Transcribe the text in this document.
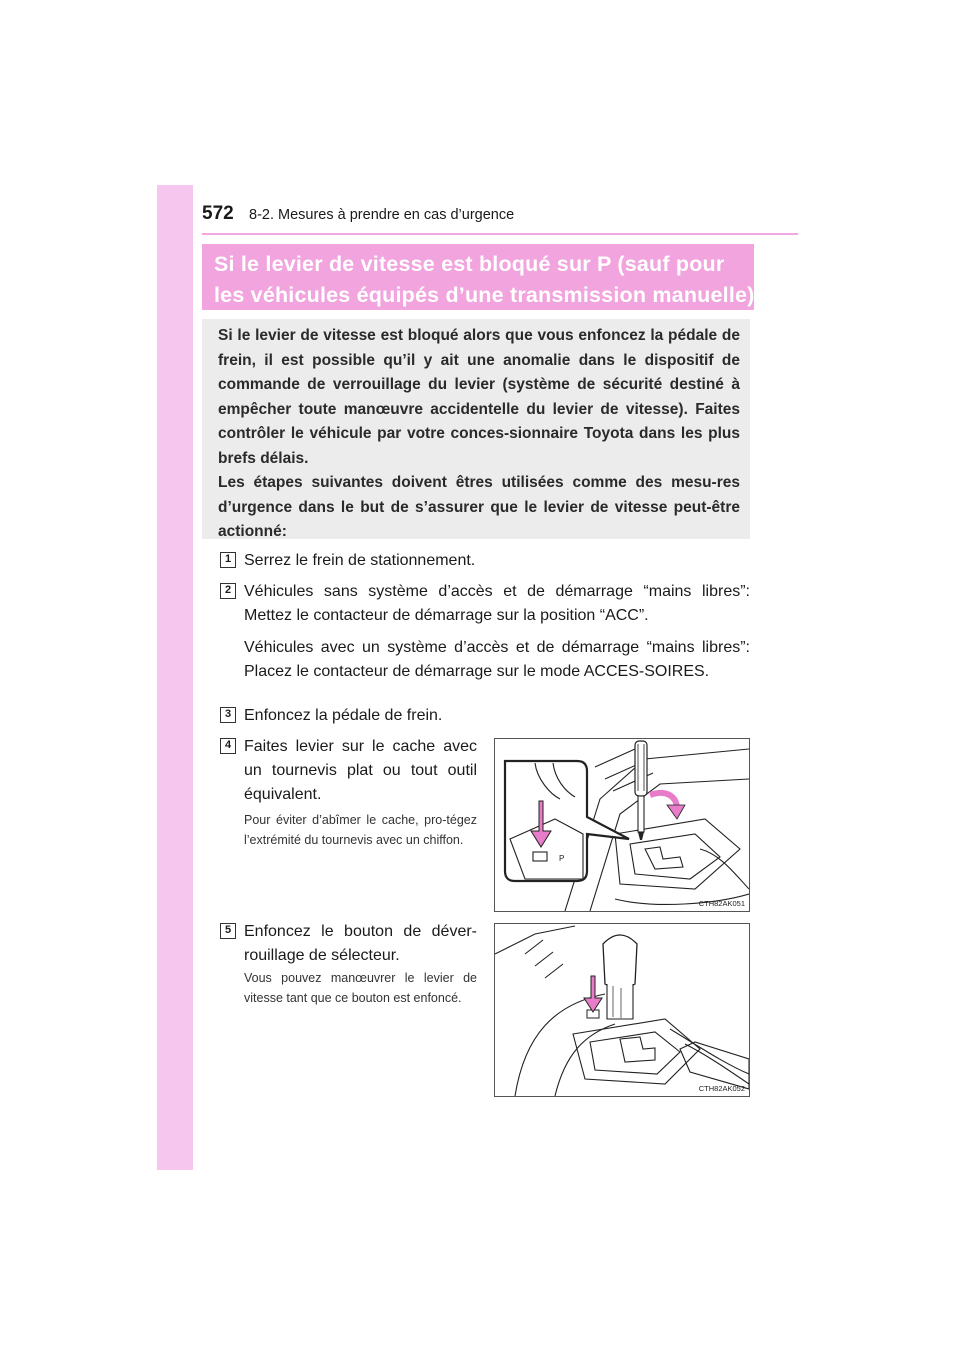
572 8-2. Mesures à prendre en cas d’urgence
Si le levier de vitesse est bloqué sur P (sauf pour
les véhicules équipés d’une transmission manuelle)

Si le levier de vitesse est bloqué alors que vous enfoncez la pédale de frein, il est possible qu’il y ait une anomalie dans le dispositif de commande de verrouillage du levier (système de sécurité destiné à empêcher toute manœuvre accidentelle du levier de vitesse). Faites contrôler le véhicule par votre conces-sionnaire Toyota dans les plus brefs délais.

Les étapes suivantes doivent êtres utilisées comme des mesu-res d’urgence dans le but de s’assurer que le levier de vitesse peut-être actionné:

1 Serrez le frein de stationnement.
2 Véhicules sans système d’accès et de démarrage “mains libres”: Mettez le contacteur de démarrage sur la position “ACC”.

Véhicules avec un système d’accès et de démarrage “mains libres”: Placez le contacteur de démarrage sur le mode ACCES-SOIRES.

3 Enfoncez la pédale de frein.
4 Faites levier sur le cache avec un tournevis plat ou tout outil équivalent.
Pour éviter d’abîmer le cache, pro-tégez l’extrémité du tournevis avec un chiffon.
5 Enfoncez le bouton de déver-rouillage de sélecteur.
Vous pouvez manœuvrer le levier de vitesse tant que ce bouton est enfoncé.
P
CTH82AK051
CTH82AK052
